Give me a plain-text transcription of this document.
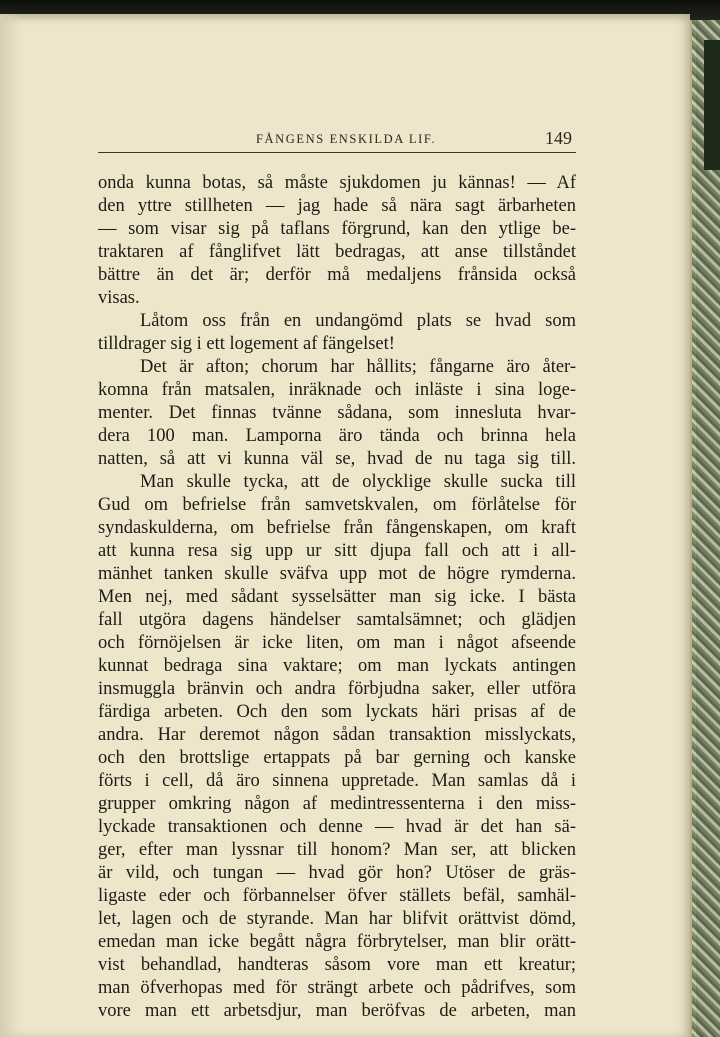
FÅNGENS ENSKILDA LIF.	149
onda kunna botas, så måste sjukdomen ju kännas! — Af
den yttre stillheten — jag hade så nära sagt ärbarheten
— som visar sig på taflans förgrund, kan den ytlige be-
traktaren af fånglifvet lätt bedragas, att anse tillståndet
bättre än det är; derför må medaljens frånsida också
visas.
Låtom oss från en undangömd plats se hvad som
tilldrager sig i ett logement af fängelset!
Det är afton; chorum har hållits; fångarne äro åter-
komna från matsalen, inräknade och inläste i sina loge-
menter. Det finnas tvänne sådana, som innesluta hvar-
dera 100 man. Lamporna äro tända och brinna hela
natten, så att vi kunna väl se, hvad de nu taga sig till.
Man skulle tycka, att de olycklige skulle sucka till
Gud om befrielse från samvetskvalen, om förlåtelse för
syndaskulderna, om befrielse från fångenskapen, om kraft
att kunna resa sig upp ur sitt djupa fall och att i all-
mänhet tanken skulle sväfva upp mot de högre rymderna.
Men nej, med sådant sysselsätter man sig icke. I bästa
fall utgöra dagens händelser samtalsämnet; och glädjen
och förnöjelsen är icke liten, om man i något afseende
kunnat bedraga sina vaktare; om man lyckats antingen
insmuggla bränvin och andra förbjudna saker, eller utföra
färdiga arbeten. Och den som lyckats häri prisas af de
andra. Har deremot någon sådan transaktion misslyckats,
och den brottslige ertappats på bar gerning och kanske
förts i cell, då äro sinnena uppretade. Man samlas då i
grupper omkring någon af medintressenterna i den miss-
lyckade transaktionen och denne — hvad är det han sä-
ger, efter man lyssnar till honom? Man ser, att blicken
är vild, och tungan — hvad gör hon? Utöser de gräs-
ligaste eder och förbannelser öfver ställets befäl, samhäl-
let, lagen och de styrande. Man har blifvit orättvist dömd,
emedan man icke begått några förbrytelser, man blir orätt-
vist behandlad, handteras såsom vore man ett kreatur;
man öfverhopas med för strängt arbete och pådrifves, som
vore man ett arbetsdjur, man beröfvas de arbeten, man
